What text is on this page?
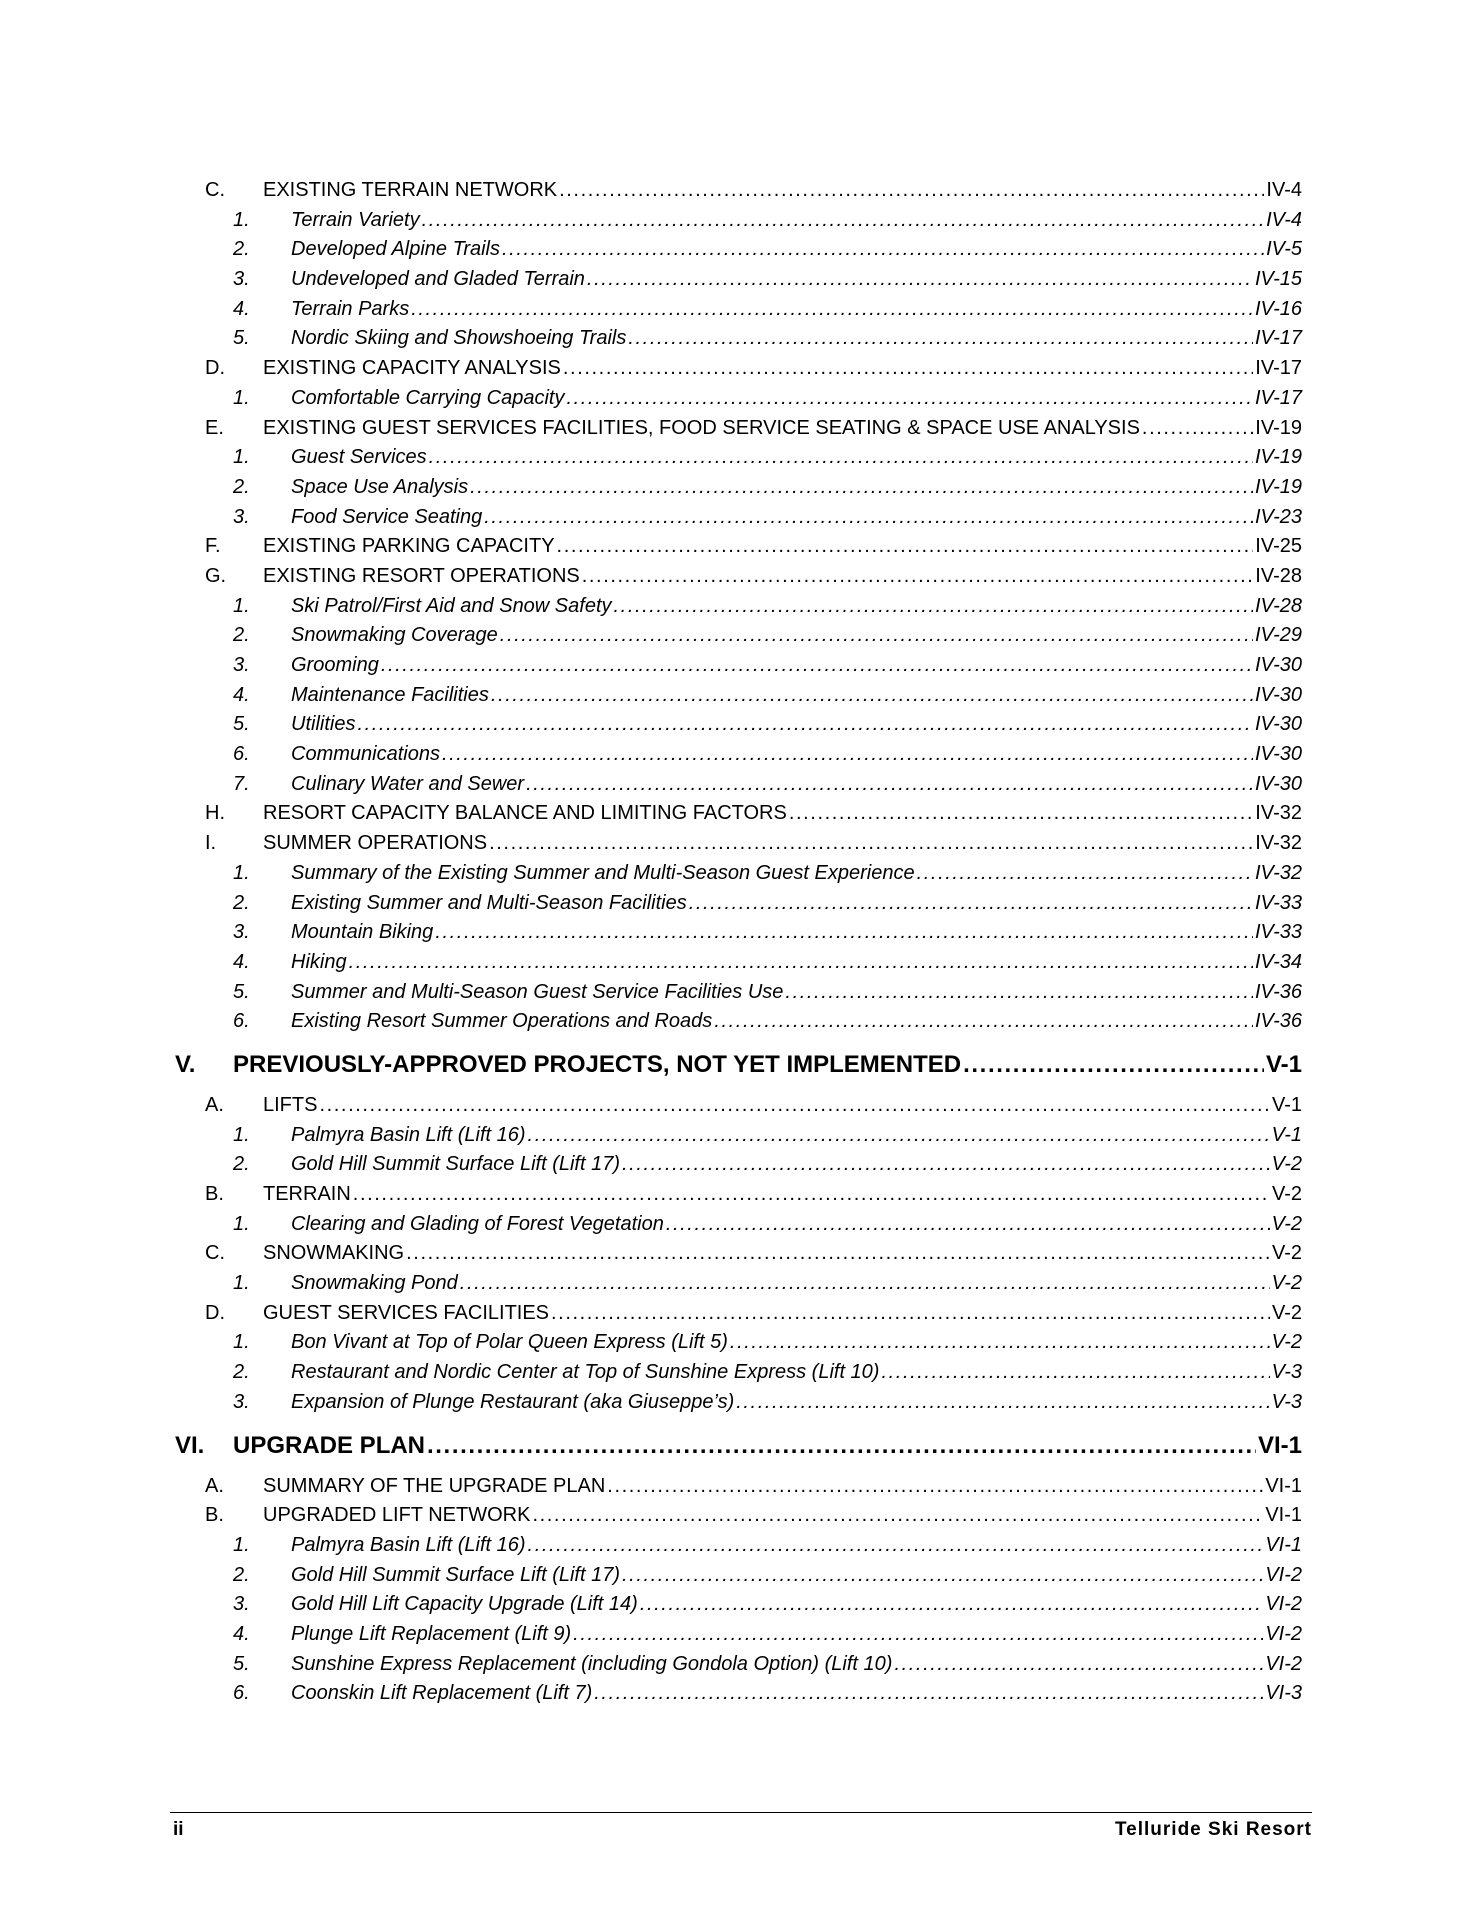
C.	EXISTING TERRAIN NETWORK .....	IV-4
1.	Terrain Variety .....	IV-4
2.	Developed Alpine Trails .....	IV-5
3.	Undeveloped and Gladed Terrain .....	IV-15
4.	Terrain Parks .....	IV-16
5.	Nordic Skiing and Showshoeing Trails .....	IV-17
D.	EXISTING CAPACITY ANALYSIS .....	IV-17
1.	Comfortable Carrying Capacity .....	IV-17
E.	EXISTING GUEST SERVICES FACILITIES, FOOD SERVICE SEATING & SPACE USE ANALYSIS .....	IV-19
1.	Guest Services .....	IV-19
2.	Space Use Analysis .....	IV-19
3.	Food Service Seating .....	IV-23
F.	EXISTING PARKING CAPACITY .....	IV-25
G.	EXISTING RESORT OPERATIONS .....	IV-28
1.	Ski Patrol/First Aid and Snow Safety .....	IV-28
2.	Snowmaking Coverage .....	IV-29
3.	Grooming .....	IV-30
4.	Maintenance Facilities .....	IV-30
5.	Utilities .....	IV-30
6.	Communications .....	IV-30
7.	Culinary Water and Sewer .....	IV-30
H.	RESORT CAPACITY BALANCE AND LIMITING FACTORS .....	IV-32
I.	SUMMER OPERATIONS .....	IV-32
1.	Summary of the Existing Summer and Multi-Season Guest Experience .....	IV-32
2.	Existing Summer and Multi-Season Facilities .....	IV-33
3.	Mountain Biking .....	IV-33
4.	Hiking .....	IV-34
5.	Summer and Multi-Season Guest Service Facilities Use .....	IV-36
6.	Existing Resort Summer Operations and Roads .....	IV-36
V.	PREVIOUSLY-APPROVED PROJECTS, NOT YET IMPLEMENTED .....	V-1
A.	LIFTS .....	V-1
1.	Palmyra Basin Lift (Lift 16) .....	V-1
2.	Gold Hill Summit Surface Lift (Lift 17) .....	V-2
B.	TERRAIN .....	V-2
1.	Clearing and Glading of Forest Vegetation .....	V-2
C.	SNOWMAKING .....	V-2
1.	Snowmaking Pond .....	V-2
D.	GUEST SERVICES FACILITIES .....	V-2
1.	Bon Vivant at Top of Polar Queen Express (Lift 5) .....	V-2
2.	Restaurant and Nordic Center at Top of Sunshine Express (Lift 10) .....	V-3
3.	Expansion of Plunge Restaurant (aka Giuseppe’s) .....	V-3
VI.	UPGRADE PLAN .....	VI-1
A.	SUMMARY OF THE UPGRADE PLAN .....	VI-1
B.	UPGRADED LIFT NETWORK .....	VI-1
1.	Palmyra Basin Lift (Lift 16) .....	VI-1
2.	Gold Hill Summit Surface Lift (Lift 17) .....	VI-2
3.	Gold Hill Lift Capacity Upgrade (Lift 14) .....	VI-2
4.	Plunge Lift Replacement (Lift 9) .....	VI-2
5.	Sunshine Express Replacement (including Gondola Option) (Lift 10) .....	VI-2
6.	Coonskin Lift Replacement (Lift 7) .....	VI-3
ii	Telluride Ski Resort
